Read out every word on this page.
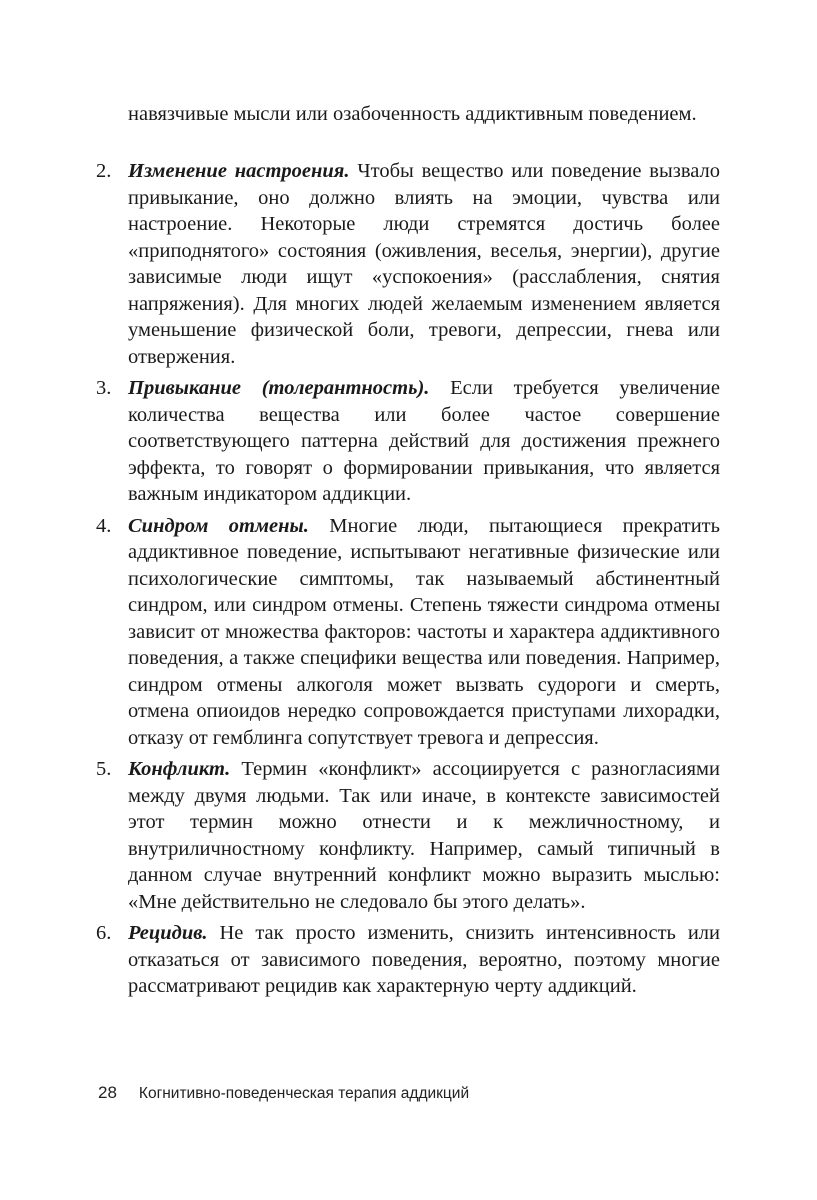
навязчивые мысли или озабоченность аддиктивным поведением.

2. Изменение настроения. Чтобы вещество или поведение вызвало привыкание, оно должно влиять на эмоции, чувства или настроение. Некоторые люди стремятся достичь более «приподнятого» состояния (оживления, веселья, энергии), другие зависимые люди ищут «успокоения» (расслабления, снятия напряжения). Для многих людей желаемым изменением является уменьшение физической боли, тревоги, депрессии, гнева или отвержения.
3. Привыкание (толерантность). Если требуется увеличение количества вещества или более частое совершение соответствующего паттерна действий для достижения прежнего эффекта, то говорят о формировании привыкания, что является важным индикатором аддикции.
4. Синдром отмены. Многие люди, пытающиеся прекратить аддиктивное поведение, испытывают негативные физические или психологические симптомы, так называемый абстинентный синдром, или синдром отмены. Степень тяжести синдрома отмены зависит от множества факторов: частоты и характера аддиктивного поведения, а также специфики вещества или поведения. Например, синдром отмены алкоголя может вызвать судороги и смерть, отмена опиоидов нередко сопровождается приступами лихорадки, отказу от гемблинга сопутствует тревога и депрессия.
5. Конфликт. Термин «конфликт» ассоциируется с разногласиями между двумя людьми. Так или иначе, в контексте зависимостей этот термин можно отнести и к межличностному, и внутриличностному конфликту. Например, самый типичный в данном случае внутренний конфликт можно выразить мыслью: «Мне действительно не следовало бы этого делать».
6. Рецидив. Не так просто изменить, снизить интенсивность или отказаться от зависимого поведения, вероятно, поэтому многие рассматривают рецидив как характерную черту аддикций.
28 Когнитивно-поведенческая терапия аддикций
